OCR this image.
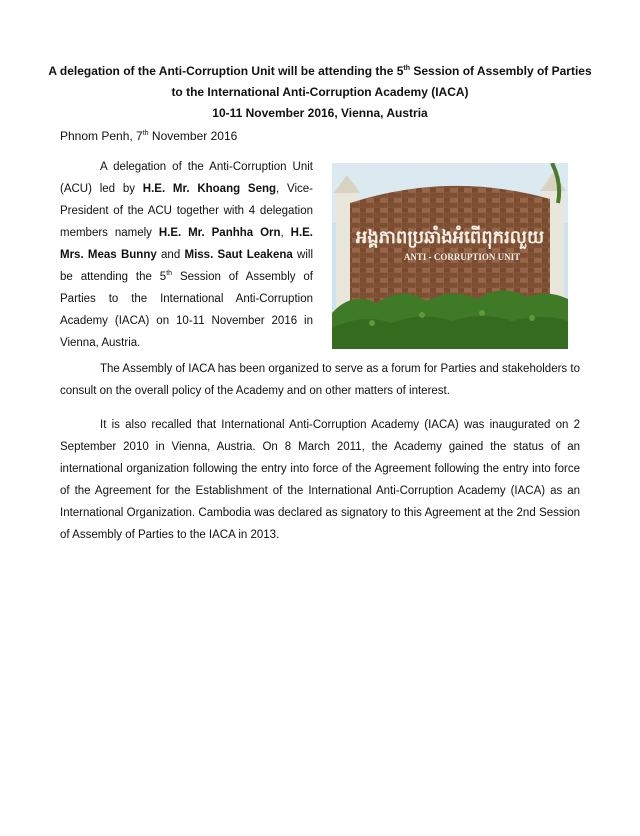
A delegation of the Anti-Corruption Unit will be attending the 5th Session of Assembly of Parties
to the International Anti-Corruption Academy (IACA)
10-11 November 2016, Vienna, Austria
Phnom Penh, 7th November 2016
A delegation of the Anti-Corruption Unit (ACU) led by H.E. Mr. Khoang Seng, Vice-President of the ACU together with 4 delegation members namely H.E. Mr. Panhha Orn, H.E. Mrs. Meas Bunny and Miss. Saut Leakena will be attending the 5th Session of Assembly of Parties to the International Anti-Corruption Academy (IACA) on 10-11 November 2016 in Vienna, Austria.
អង្គភាពប្រឆាំងអំពើពុករលួយ
ANTI - CORRUPTION UNIT
The Assembly of IACA has been organized to serve as a forum for Parties and stakeholders to consult on the overall policy of the Academy and on other matters of interest.
It is also recalled that International Anti-Corruption Academy (IACA) was inaugurated on 2 September 2010 in Vienna, Austria. On 8 March 2011, the Academy gained the status of an international organization following the entry into force of the Agreement following the entry into force of the Agreement for the Establishment of the International Anti-Corruption Academy (IACA) as an International Organization. Cambodia was declared as signatory to this Agreement at the 2nd Session of Assembly of Parties to the IACA in 2013.
